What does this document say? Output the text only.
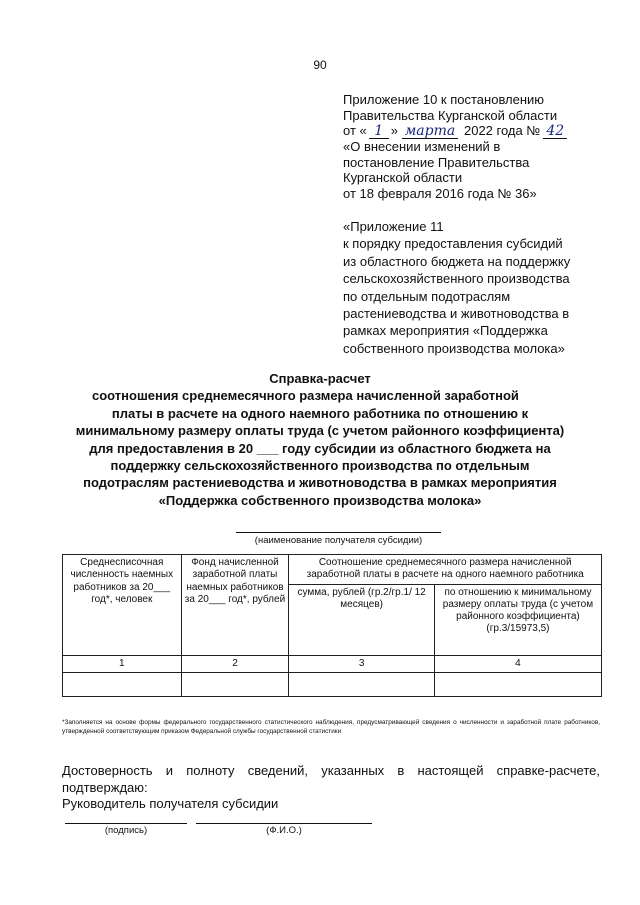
90
Приложение 10 к постановлению
Правительства Курганской области
от « 1 » марта 2022 года № 42
«О внесении изменений в
постановление Правительства
Курганской области
от 18 февраля 2016 года № 36»
«Приложение 11
к порядку предоставления субсидий
из областного бюджета на поддержку
сельскохозяйственного производства
по отдельным подотраслям
растениеводства и животноводства в
рамках мероприятия «Поддержка
собственного производства молока»
Справка-расчет
соотношения среднемесячного размера начисленной заработной
платы в расчете на одного наемного работника по отношению к
минимальному размеру оплаты труда (с учетом районного коэффициента)
для предоставления в 20 ___ году субсидии из областного бюджета на
поддержку сельскохозяйственного производства по отдельным
подотраслям растениеводства и животноводства в рамках мероприятия
«Поддержка собственного производства молока»
(наименование получателя субсидии)
Среднесписочная численность наемных работников за 20___ год*, человек	Фонд начисленной заработной платы наемных работников за 20___ год*, рублей	Соотношение среднемесячного размера начисленной заработной платы в расчете на одного наемного работника	
		сумма, рублей (гр.2/гр.1/ 12 месяцев)	по отношению к минимальному размеру оплаты труда (с учетом районного коэффициента) (гр.3/15973,5)
1	2	3	4

*Заполняется на основе формы федерального государственного статистического наблюдения, предусматривающей сведения о численности и заработной плате работников, утвержденной соответствующим приказом Федеральной службы государственной статистики
Достоверность и полноту сведений, указанных в настоящей справке-расчете, подтверждаю:
Руководитель получателя субсидии
(подпись)	(Ф.И.О.)
